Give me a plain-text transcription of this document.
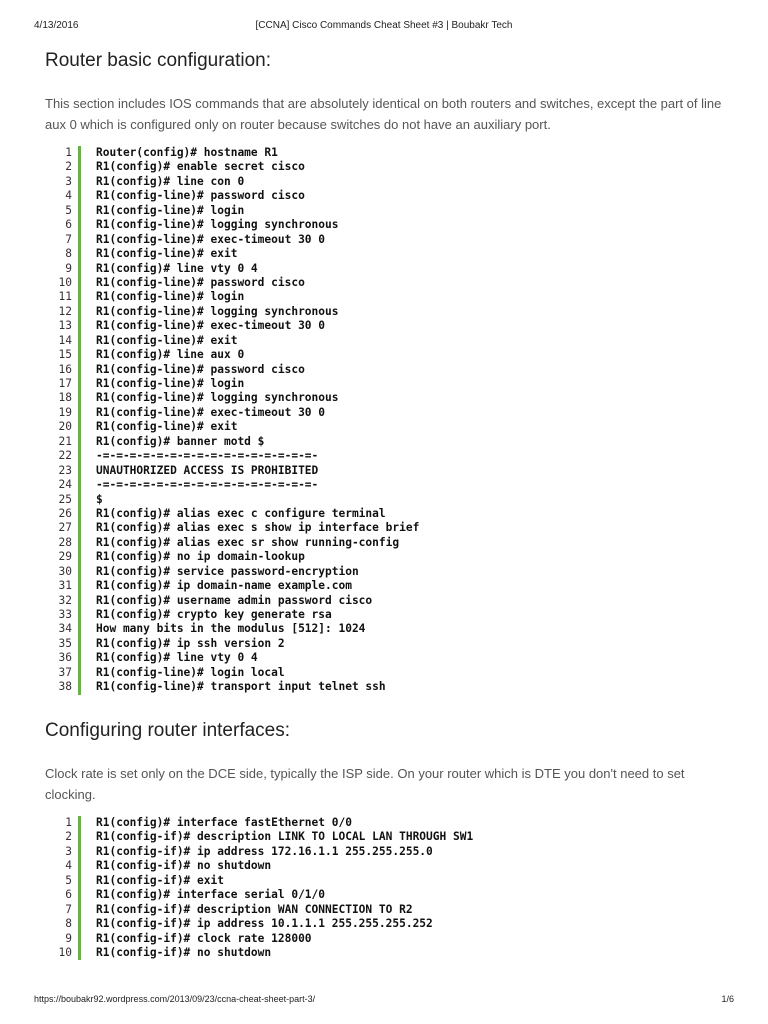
4/13/2016	[CCNA] Cisco Commands Cheat Sheet #3 | Boubakr Tech
Router basic configuration:

This section includes IOS commands that are absolutely identical on both routers and switches, except the part of line aux 0 which is configured only on router because switches do not have an auxiliary port.

1	Router(config)# hostname R1
2	R1(config)# enable secret cisco
3	R1(config)# line con 0
4	R1(config-line)# password cisco
5	R1(config-line)# login
6	R1(config-line)# logging synchronous
7	R1(config-line)# exec-timeout 30 0
8	R1(config-line)# exit
9	R1(config)# line vty 0 4
10	R1(config-line)# password cisco
11	R1(config-line)# login
12	R1(config-line)# logging synchronous
13	R1(config-line)# exec-timeout 30 0
14	R1(config-line)# exit
15	R1(config)# line aux 0
16	R1(config-line)# password cisco
17	R1(config-line)# login
18	R1(config-line)# logging synchronous
19	R1(config-line)# exec-timeout 30 0
20	R1(config-line)# exit
21	R1(config)# banner motd $
22	-=-=-=-=-=-=-=-=-=-=-=-=-=-=-=-=-
23	UNAUTHORIZED ACCESS IS PROHIBITED
24	-=-=-=-=-=-=-=-=-=-=-=-=-=-=-=-=-
25	$
26	R1(config)# alias exec c configure terminal
27	R1(config)# alias exec s show ip interface brief
28	R1(config)# alias exec sr show running-config
29	R1(config)# no ip domain-lookup
30	R1(config)# service password-encryption
31	R1(config)# ip domain-name example.com
32	R1(config)# username admin password cisco
33	R1(config)# crypto key generate rsa
34	How many bits in the modulus [512]: 1024
35	R1(config)# ip ssh version 2
36	R1(config)# line vty 0 4
37	R1(config-line)# login local
38	R1(config-line)# transport input telnet ssh
Configuring router interfaces:

Clock rate is set only on the DCE side, typically the ISP side. On your router which is DTE you don't need to set clocking.

1	R1(config)# interface fastEthernet 0/0
2	R1(config-if)# description LINK TO LOCAL LAN THROUGH SW1
3	R1(config-if)# ip address 172.16.1.1 255.255.255.0
4	R1(config-if)# no shutdown
5	R1(config-if)# exit
6	R1(config)# interface serial 0/1/0
7	R1(config-if)# description WAN CONNECTION TO R2
8	R1(config-if)# ip address 10.1.1.1 255.255.255.252
9	R1(config-if)# clock rate 128000
10	R1(config-if)# no shutdown
https://boubakr92.wordpress.com/2013/09/23/ccna-cheat-sheet-part-3/	1/6
